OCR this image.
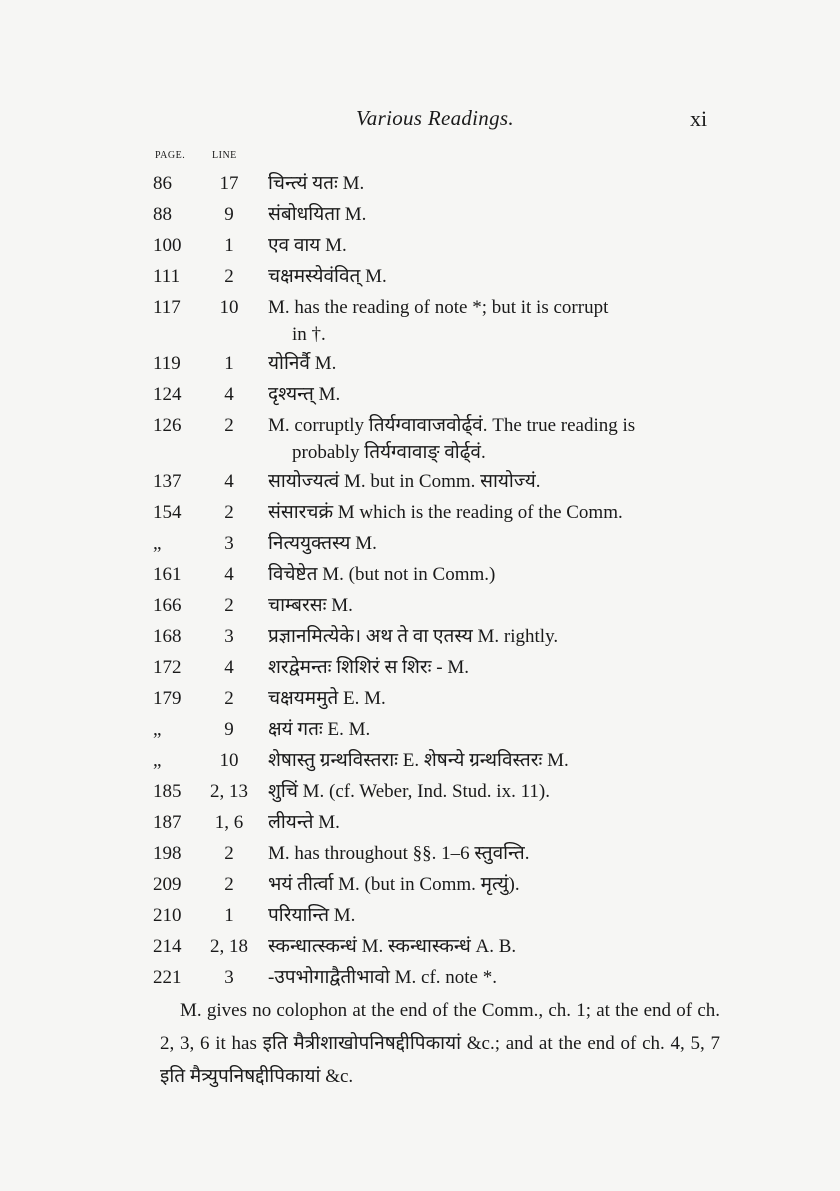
Various Readings.	xi
PAGE.	LINE
86	17	चिन्त्यं यतः M.
88	9	संबोधयिता M.
100	1	एव वाय M.
111	2	चक्षमस्येवंवित् M.
117	10	M. has the reading of note *; but it is corrupt
in †.
119	1	योनिर्वै M.
124	4	दृश्यन्त् M.
126	2	M. corruptly तिर्यग्वावाजवोर्ढ्वं. The true reading is
probably तिर्यग्वावाङ् वोर्ढ्वं.
137	4	सायोज्यत्वं M. but in Comm. सायोज्यं.
154	2	संसारचक्रं M which is the reading of the Comm.
„	3	नित्ययुक्तस्य M.
161	4	विचेष्टेत M. (but not in Comm.)
166	2	चाम्बरसः M.
168	3	प्रज्ञानमित्येके। अथ ते वा एतस्य M. rightly.
172	4	शरद्वेमन्तः शिशिरं स शिरः - M.
179	2	चक्षयममुते E. M.
„	9	क्षयं गतः E. M.
„	10	शेषास्तु ग्रन्थविस्तराः E. शेषन्ये ग्रन्थविस्तरः M.
185	2, 13	शुचिं M. (cf. Weber, Ind. Stud. ix. 11).
187	1, 6	लीयन्ते M.
198	2	M. has throughout §§. 1–6 स्तुवन्ति.
209	2	भयं तीर्त्वा M. (but in Comm. मृत्युं).
210	1	परियान्ति M.
214	2, 18	स्कन्धात्स्कन्धं M. स्कन्धास्कन्धं A. B.
221	3	-उपभोगाद्वैतीभावो M. cf. note *.

M. gives no colophon at the end of the Comm., ch. 1; at the end of ch. 2, 3, 6 it has इति मैत्रीशाखोपनिषद्दीपिकायां &c.; and at the end of ch. 4, 5, 7 इति मैत्र्युपनिषद्दीपिकायां &c.
